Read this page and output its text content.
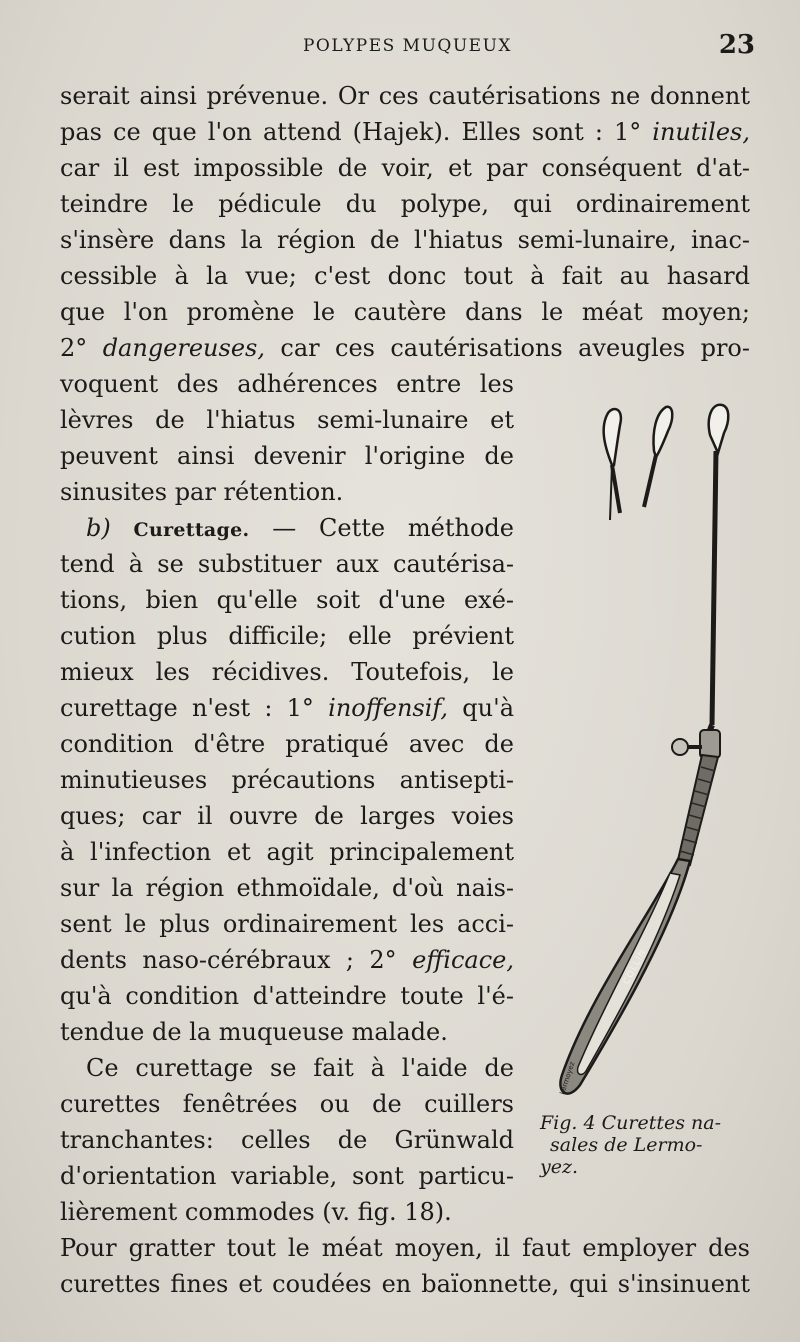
POLYPES MUQUEUX	23
serait ainsi prévenue. Or ces cautérisations ne donnent
pas ce que l'on attend (Hajek). Elles sont : 1° inutiles,
car il est impossible de voir, et par conséquent d'at-
teindre le pédicule du polype, qui ordinairement
s'insère dans la région de l'hiatus semi-lunaire, inac-
cessible à la vue; c'est donc tout à fait au hasard
que l'on promène le cautère dans le méat moyen;
2° dangereuses, car ces cautérisations aveugles pro-
voquent des adhérences entre les
lèvres de l'hiatus semi-lunaire et
peuvent ainsi devenir l'origine de
sinusites par rétention.
b) Curettage. — Cette méthode
tend à se substituer aux cautérisa-
tions, bien qu'elle soit d'une exé-
cution plus difficile; elle prévient
mieux les récidives. Toutefois, le
curettage n'est : 1° inoffensif, qu'à
condition d'être pratiqué avec de
minutieuses précautions antisepti-
ques; car il ouvre de larges voies
à l'infection et agit principalement
sur la région ethmoïdale, d'où nais-
sent le plus ordinairement les acci-
dents naso-cérébraux ; 2° efficace,
qu'à condition d'atteindre toute l'é-
tendue de la muqueuse malade.
Ce curettage se fait à l'aide de
curettes fenêtrées ou de cuillers
tranchantes: celles de Grünwald
d'orientation variable, sont particu-
lièrement commodes (v. fig. 18).
Pour gratter tout le méat moyen, il faut employer des
curettes fines et coudées en baïonnette, qui s'insinuent
COLLIN
Lermoyez
Fig. 4 Curettes na-
sales de Lermo-
yez.
